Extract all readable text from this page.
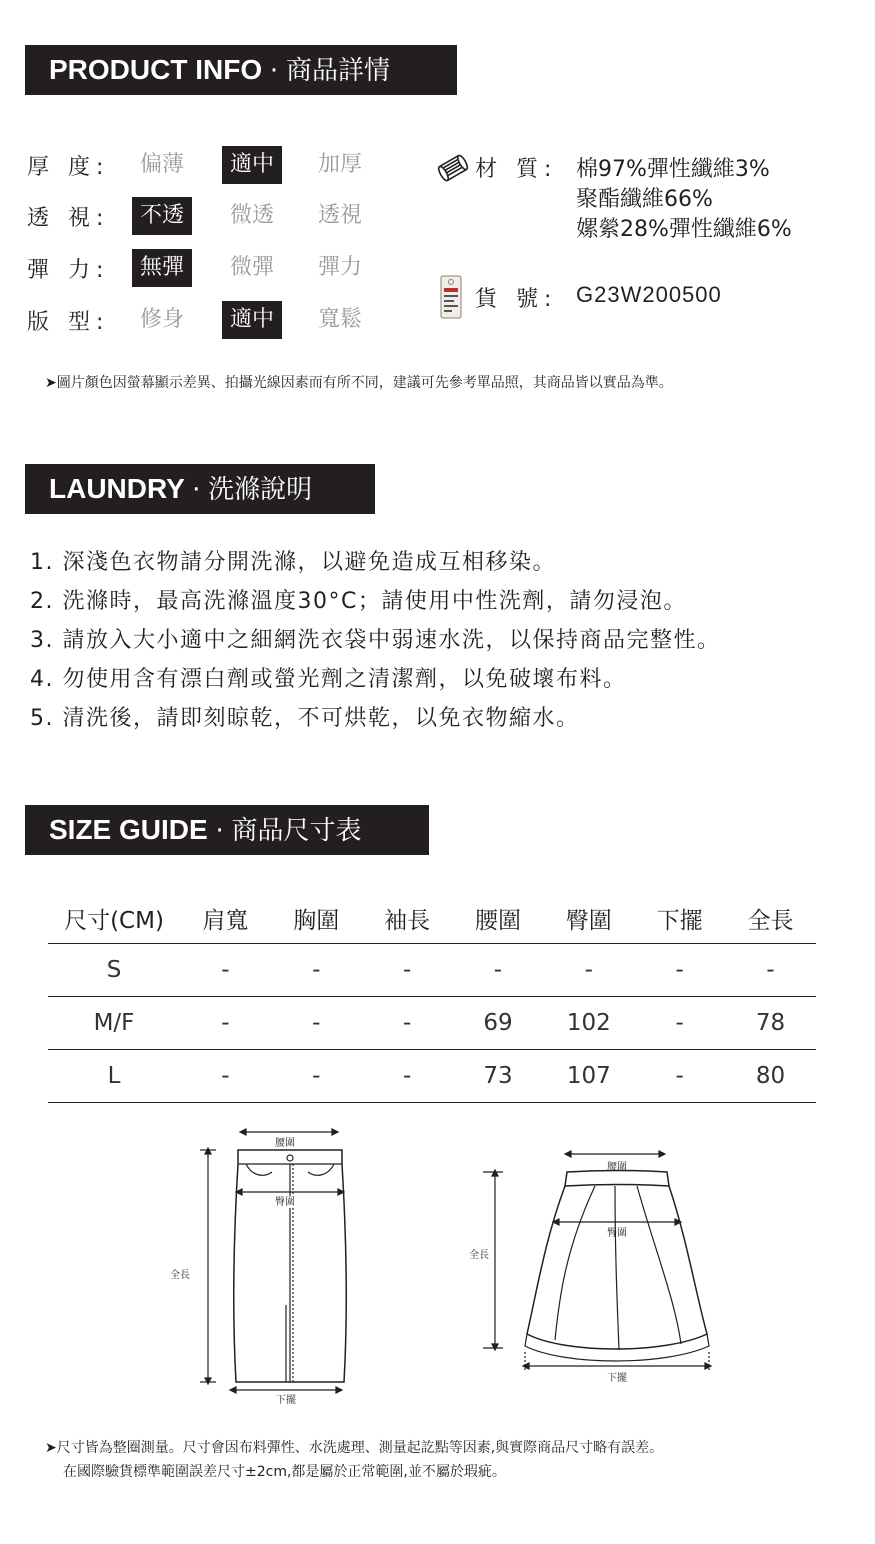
PRODUCT INFO · 商品詳情
厚 度:	偏薄	適中	加厚
透 視:	不透	微透 透視
彈 力:	無彈	微彈 彈力
版 型:	修身	適中	寬鬆
材 質: 棉97%彈性纖維3%
聚酯纖維66%
嫘縈28%彈性纖維6%
貨 號: G23W200500
➤圖片顏色因螢幕顯示差異、拍攝光線因素而有所不同，建議可先參考單品照，其商品皆以實品為準。
LAUNDRY · 洗滌說明
1. 深淺色衣物請分開洗滌，以避免造成互相移染。
2. 洗滌時，最高洗滌溫度30°C；請使用中性洗劑，請勿浸泡。
3. 請放入大小適中之細網洗衣袋中弱速水洗，以保持商品完整性。
4. 勿使用含有漂白劑或螢光劑之清潔劑，以免破壞布料。
5. 清洗後，請即刻晾乾，不可烘乾，以免衣物縮水。
SIZE GUIDE · 商品尺寸表
尺寸(CM)	肩寬	胸圍	袖長	腰圍	臀圍	下擺	全長
S	-	-	-	-	-	-	-
M/F	-	-	-	69	102	-	78
L	-	-	-	73	107	-	80
腰圍
臀圍
全長
下擺
腰圍
臀圍
全長
下擺
➤尺寸皆為整圈測量。尺寸會因布料彈性、水洗處理、測量起訖點等因素,與實際商品尺寸略有誤差。
在國際驗貨標準範圍誤差尺寸±2cm,都是屬於正常範圍,並不屬於瑕疵。
